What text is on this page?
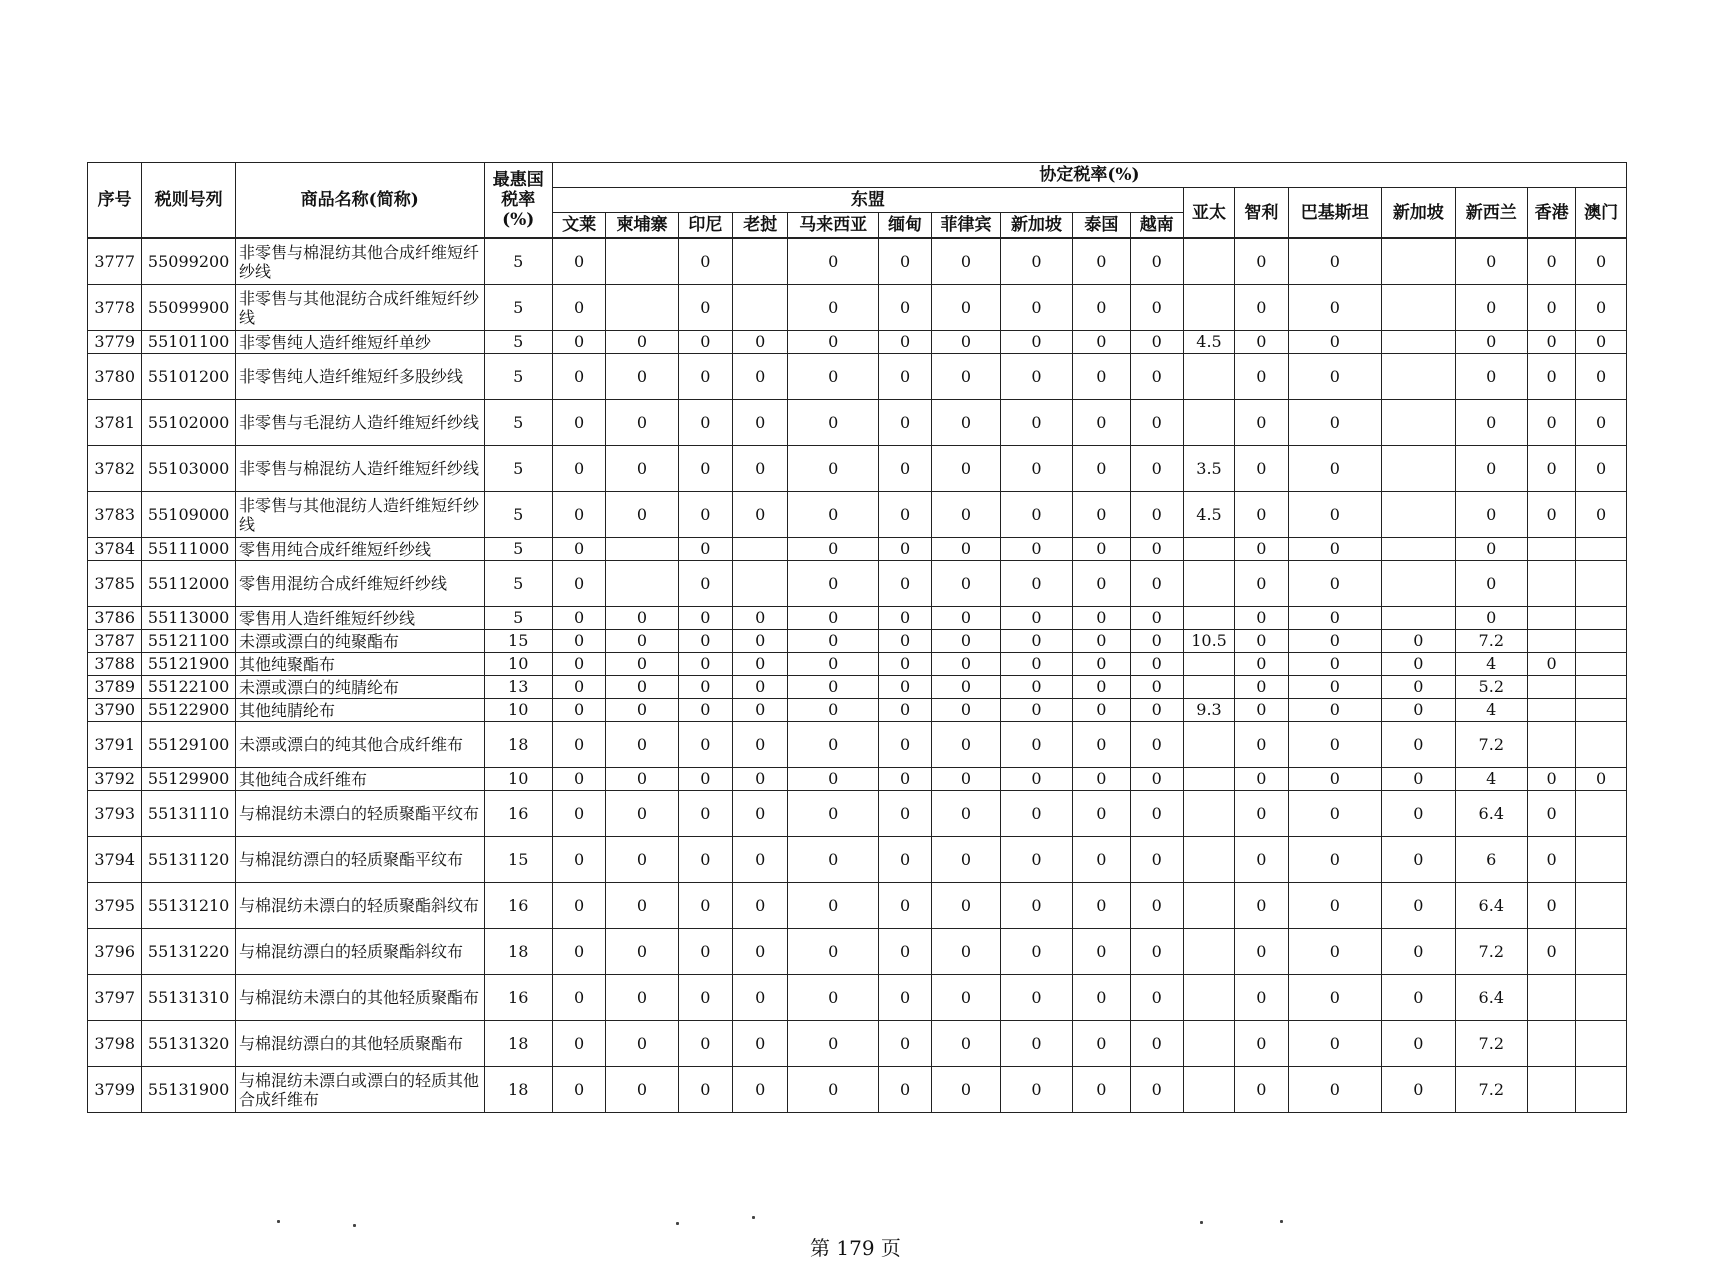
序号	税则号列	商品名称(简称)	最惠国税率(%)	协定税率(%)																
				东盟										亚太	智利	巴基斯坦	新加坡	新西兰	香港	澳门
				文莱	柬埔寨	印尼	老挝	马来西亚	缅甸	菲律宾	新加坡	泰国	越南							
3777	55099200	非零售与棉混纺其他合成纤维短纤纱线	5	0		0		0	0	0	0	0	0		0	0		0	0	0
3778	55099900	非零售与其他混纺合成纤维短纤纱线	5	0		0		0	0	0	0	0	0		0	0		0	0	0
3779	55101100	非零售纯人造纤维短纤单纱	5	0	0	0	0	0	0	0	0	0	0	4.5	0	0		0	0	0
3780	55101200	非零售纯人造纤维短纤多股纱线	5	0	0	0	0	0	0	0	0	0	0		0	0		0	0	0
3781	55102000	非零售与毛混纺人造纤维短纤纱线	5	0	0	0	0	0	0	0	0	0	0		0	0		0	0	0
3782	55103000	非零售与棉混纺人造纤维短纤纱线	5	0	0	0	0	0	0	0	0	0	0	3.5	0	0		0	0	0
3783	55109000	非零售与其他混纺人造纤维短纤纱线	5	0	0	0	0	0	0	0	0	0	0	4.5	0	0		0	0	0
3784	55111000	零售用纯合成纤维短纤纱线	5	0		0		0	0	0	0	0	0		0	0		0		
3785	55112000	零售用混纺合成纤维短纤纱线	5	0		0		0	0	0	0	0	0		0	0		0		
3786	55113000	零售用人造纤维短纤纱线	5	0	0	0	0	0	0	0	0	0	0		0	0		0		
3787	55121100	未漂或漂白的纯聚酯布	15	0	0	0	0	0	0	0	0	0	0	10.5	0	0	0	7.2		
3788	55121900	其他纯聚酯布	10	0	0	0	0	0	0	0	0	0	0		0	0	0	4	0	
3789	55122100	未漂或漂白的纯腈纶布	13	0	0	0	0	0	0	0	0	0	0		0	0	0	5.2		
3790	55122900	其他纯腈纶布	10	0	0	0	0	0	0	0	0	0	0	9.3	0	0	0	4		
3791	55129100	未漂或漂白的纯其他合成纤维布	18	0	0	0	0	0	0	0	0	0	0		0	0	0	7.2		
3792	55129900	其他纯合成纤维布	10	0	0	0	0	0	0	0	0	0	0		0	0	0	4	0	0
3793	55131110	与棉混纺未漂白的轻质聚酯平纹布	16	0	0	0	0	0	0	0	0	0	0		0	0	0	6.4	0	
3794	55131120	与棉混纺漂白的轻质聚酯平纹布	15	0	0	0	0	0	0	0	0	0	0		0	0	0	6	0	
3795	55131210	与棉混纺未漂白的轻质聚酯斜纹布	16	0	0	0	0	0	0	0	0	0	0		0	0	0	6.4	0	
3796	55131220	与棉混纺漂白的轻质聚酯斜纹布	18	0	0	0	0	0	0	0	0	0	0		0	0	0	7.2	0	
3797	55131310	与棉混纺未漂白的其他轻质聚酯布	16	0	0	0	0	0	0	0	0	0	0		0	0	0	6.4		
3798	55131320	与棉混纺漂白的其他轻质聚酯布	18	0	0	0	0	0	0	0	0	0	0		0	0	0	7.2		
3799	55131900	与棉混纺未漂白或漂白的轻质其他合成纤维布	18	0	0	0	0	0	0	0	0	0	0		0	0	0	7.2		
第 179 页
